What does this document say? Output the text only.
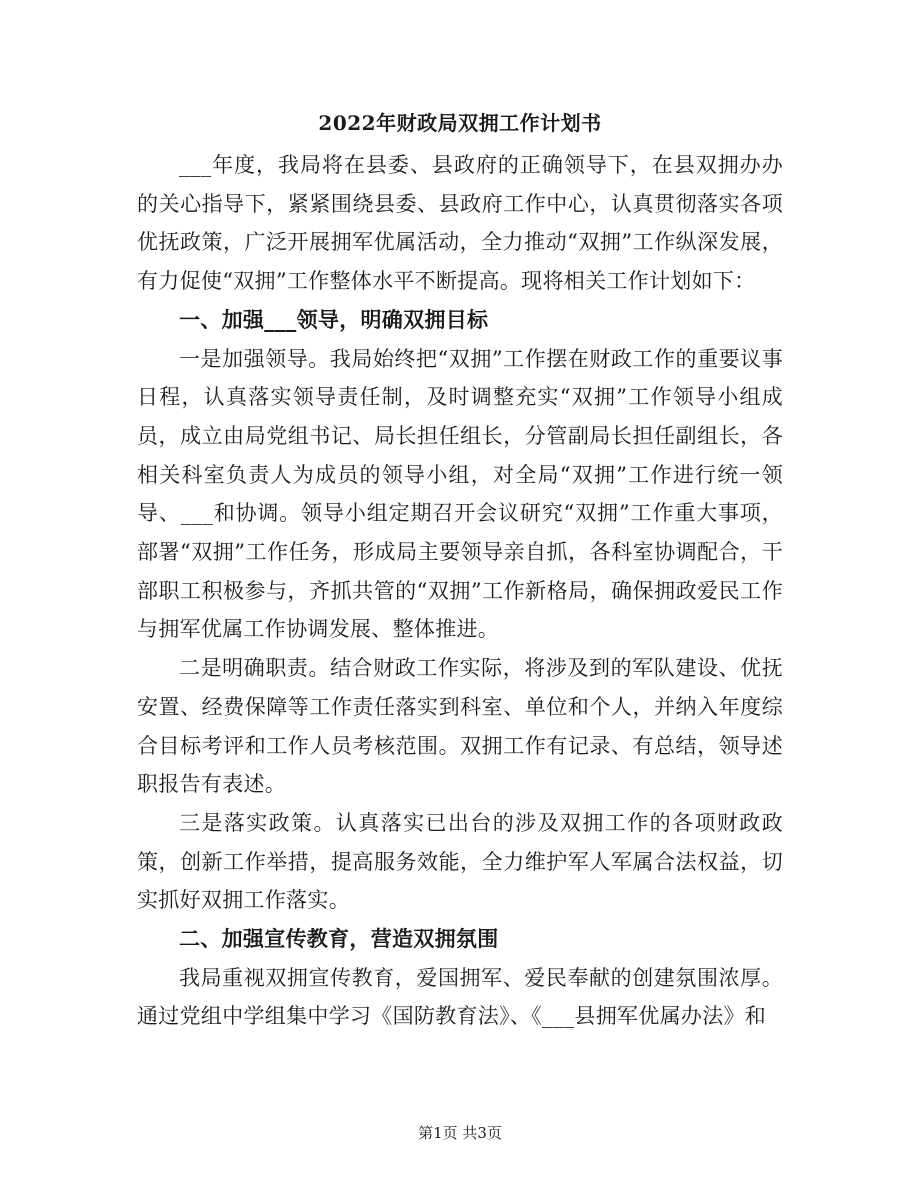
2022年财政局双拥工作计划书

___年度，我局将在县委、县政府的正确领导下，在县双拥办办的关心指导下，紧紧围绕县委、县政府工作中心，认真贯彻落实各项优抚政策，广泛开展拥军优属活动，全力推动“双拥”工作纵深发展，有力促使“双拥”工作整体水平不断提高。现将相关工作计划如下：

一、加强___领导，明确双拥目标

一是加强领导。我局始终把“双拥”工作摆在财政工作的重要议事日程，认真落实领导责任制，及时调整充实“双拥”工作领导小组成员，成立由局党组书记、局长担任组长，分管副局长担任副组长，各相关科室负责人为成员的领导小组，对全局“双拥”工作进行统一领导、___和协调。领导小组定期召开会议研究“双拥”工作重大事项，部署“双拥”工作任务，形成局主要领导亲自抓，各科室协调配合，干部职工积极参与，齐抓共管的“双拥”工作新格局，确保拥政爱民工作与拥军优属工作协调发展、整体推进。

二是明确职责。结合财政工作实际，将涉及到的军队建设、优抚安置、经费保障等工作责任落实到科室、单位和个人，并纳入年度综合目标考评和工作人员考核范围。双拥工作有记录、有总结，领导述职报告有表述。

三是落实政策。认真落实已出台的涉及双拥工作的各项财政政策，创新工作举措，提高服务效能，全力维护军人军属合法权益，切实抓好双拥工作落实。

二、加强宣传教育，营造双拥氛围

我局重视双拥宣传教育，爱国拥军、爱民奉献的创建氛围浓厚。通过党组中学组集中学习《国防教育法》、《___县拥军优属办法》和

第1页 共3页
